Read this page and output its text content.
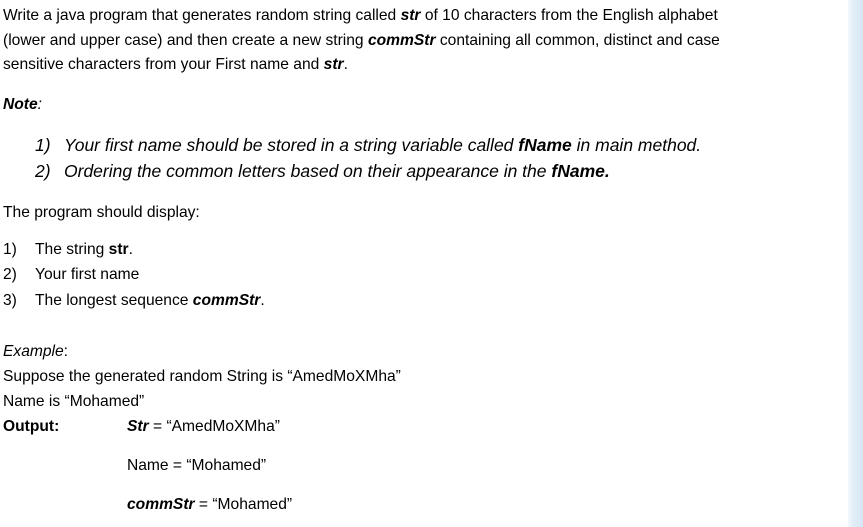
Write a java program that generates random string called str of 10 characters from the English alphabet
(lower and upper case) and then create a new string commStr containing all common, distinct and case
sensitive characters from your First name and str.
Note:
1) Your first name should be stored in a string variable called fName in main method.
2) Ordering the common letters based on their appearance in the fName.
The program should display:
1) The string str.
2) Your first name
3) The longest sequence commStr.
Example:
Suppose the generated random String is “AmedMoXMha”
Name is “Mohamed”
Output:	Str = “AmedMoXMha”
Name = “Mohamed”
commStr = “Mohamed”
